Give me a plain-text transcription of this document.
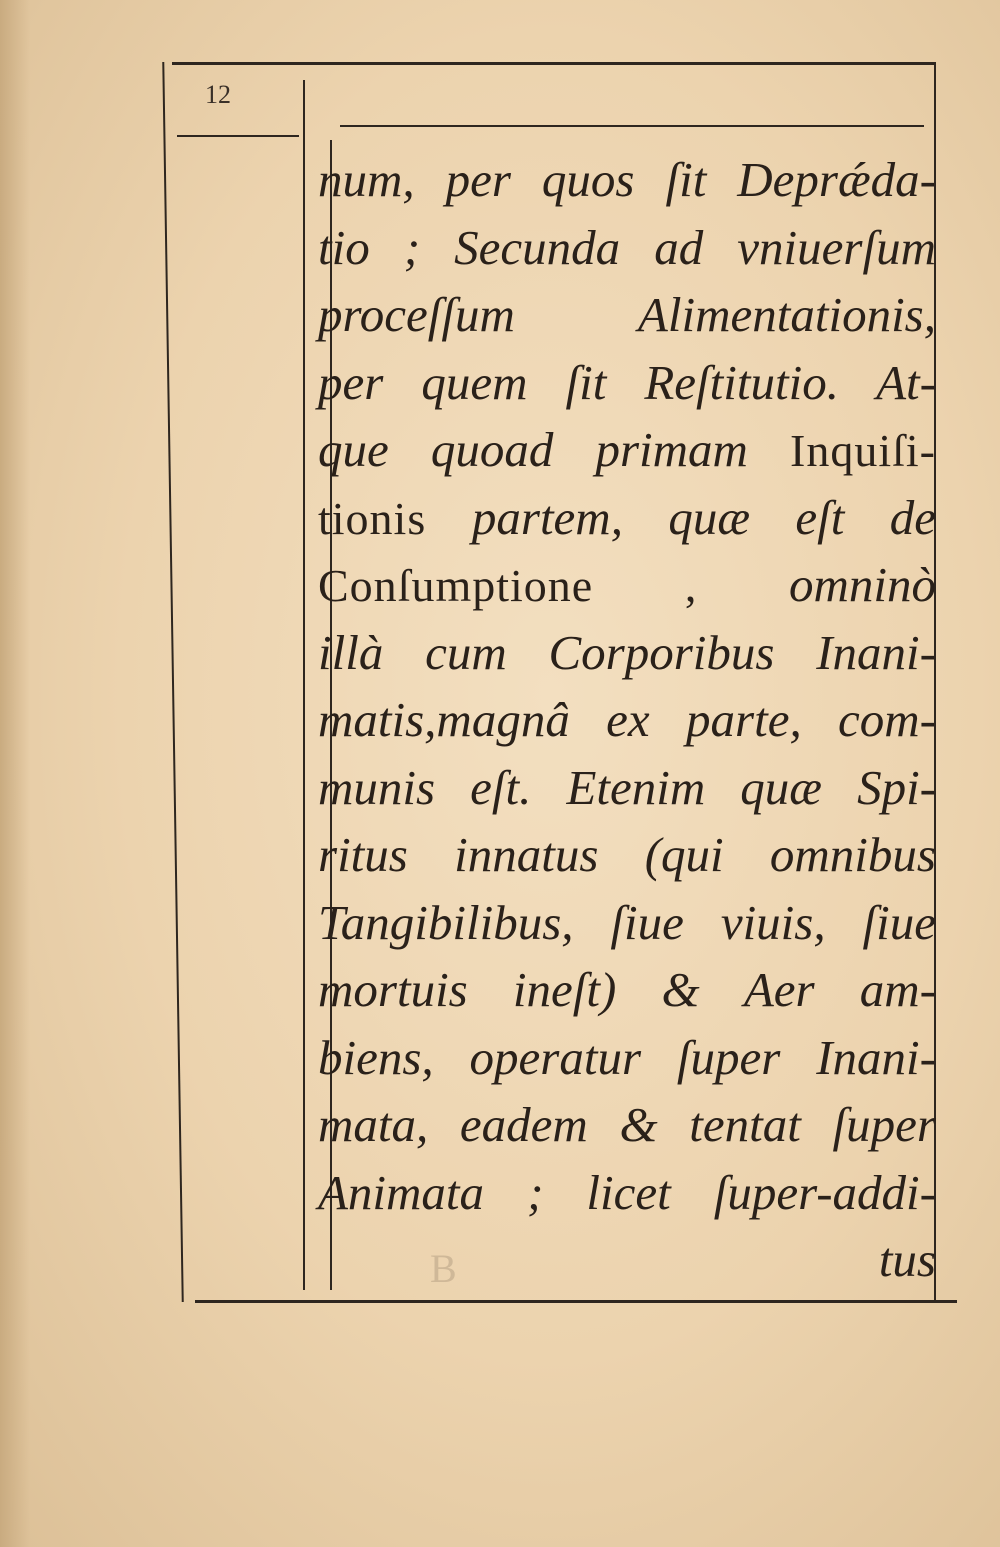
12
num, per quos ſit Deprǽda-
tio ; Secunda ad vniuerſum
proceſſum Alimentationis,
per quem ſit Reſtitutio. At-
que quoad primam Inquiſi-
tionis partem, quæ eſt de
Conſumptione , omninò
illà cum Corporibus Inani-
matis,magnâ ex parte, com-
munis eſt. Etenim quæ Spi-
ritus innatus (qui omnibus
Tangibilibus, ſiue viuis, ſiue
mortuis ineſt) & Aer am-
biens, operatur ſuper Inani-
mata, eadem & tentat ſuper
Animata ; licet ſuper-addi-
tus
B
